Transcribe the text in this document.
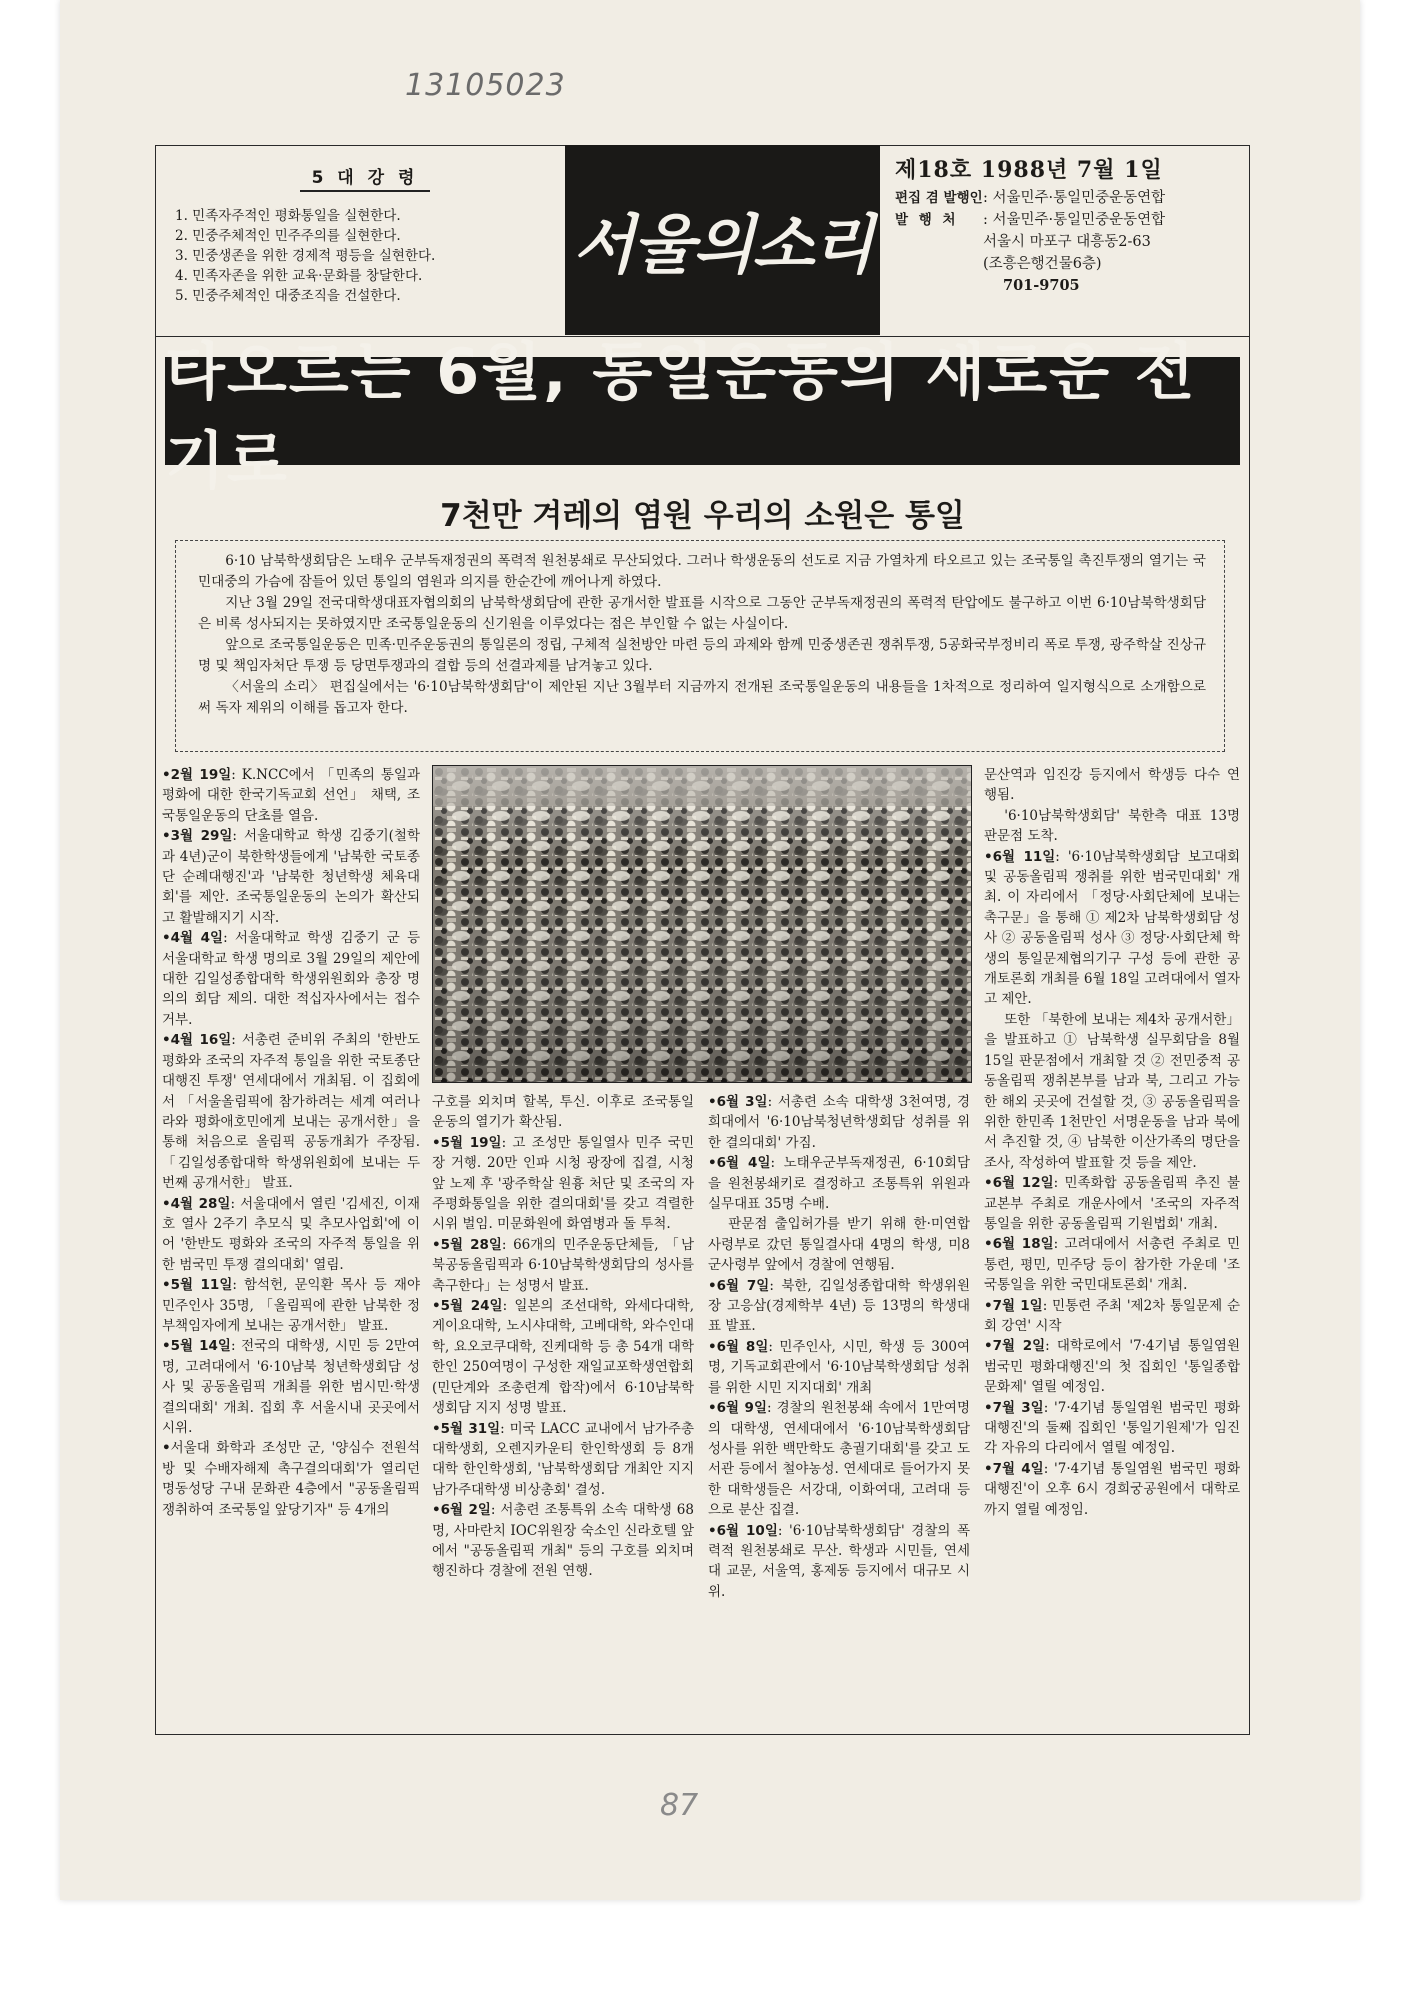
13105023
5 대 강 령
1. 민족자주적인 평화통일을 실현한다.
2. 민중주체적인 민주주의를 실현한다.
3. 민중생존을 위한 경제적 평등을 실현한다.
4. 민족자존을 위한 교육·문화를 창달한다.
5. 민중주체적인 대중조직을 건설한다.
서울의소리
제18호 1988년 7월 1일
편집 겸 발행인 : 서울민주·통일민중운동연합
발 행 처	: 서울민주·통일민중운동연합
서울시 마포구 대흥동2-63
(조흥은행건물6층)
701-9705
타오르는 6월, 통일운동의 새로운 전기로
7천만 겨레의 염원 우리의 소원은 통일

6·10 남북학생회담은 노태우 군부독재정권의 폭력적 원천봉쇄로 무산되었다. 그러나 학생운동의 선도로 지금 가열차게 타오르고 있는 조국통일 촉진투쟁의 열기는 국민대중의 가슴에 잠들어 있던 통일의 염원과 의지를 한순간에 깨어나게 하였다.

지난 3월 29일 전국대학생대표자협의회의 남북학생회담에 관한 공개서한 발표를 시작으로 그동안 군부독재정권의 폭력적 탄압에도 불구하고 이번 6·10남북학생회담은 비록 성사되지는 못하였지만 조국통일운동의 신기원을 이루었다는 점은 부인할 수 없는 사실이다.

앞으로 조국통일운동은 민족·민주운동권의 통일론의 정립, 구체적 실천방안 마련 등의 과제와 함께 민중생존권 쟁취투쟁, 5공화국부정비리 폭로 투쟁, 광주학살 진상규명 및 책임자처단 투쟁 등 당면투쟁과의 결합 등의 선결과제를 남겨놓고 있다.

〈서울의 소리〉 편집실에서는 '6·10남북학생회담'이 제안된 지난 3월부터 지금까지 전개된 조국통일운동의 내용들을 1차적으로 정리하여 일지형식으로 소개함으로써 독자 제위의 이해를 돕고자 한다.

•2월 19일: K.NCC에서 「민족의 통일과 평화에 대한 한국기독교회 선언」 채택, 조국통일운동의 단초를 열음.

•3월 29일: 서울대학교 학생 김중기(철학과 4년)군이 북한학생들에게 '남북한 국토종단 순례대행진'과 '남북한 청년학생 체육대회'를 제안. 조국통일운동의 논의가 확산되고 활발해지기 시작.

•4월 4일: 서울대학교 학생 김중기 군 등 서울대학교 학생 명의로 3월 29일의 제안에 대한 김일성종합대학 학생위원회와 총장 명의의 회담 제의. 대한 적십자사에서는 접수 거부.

•4월 16일: 서총련 준비위 주최의 '한반도 평화와 조국의 자주적 통일을 위한 국토종단 대행진 투쟁' 연세대에서 개최됨. 이 집회에서 「서울올림픽에 참가하려는 세계 여러나라와 평화애호민에게 보내는 공개서한」을 통해 처음으로 올림픽 공동개최가 주장됨. 「김일성종합대학 학생위원회에 보내는 두번째 공개서한」 발표.

•4월 28일: 서울대에서 열린 '김세진, 이재호 열사 2주기 추모식 및 추모사업회'에 이어 '한반도 평화와 조국의 자주적 통일을 위한 범국민 투쟁 결의대회' 열림.

•5월 11일: 함석헌, 문익환 목사 등 재야 민주인사 35명, 「올림픽에 관한 남북한 정부책임자에게 보내는 공개서한」 발표.

•5월 14일: 전국의 대학생, 시민 등 2만여 명, 고려대에서 '6·10남북 청년학생회담 성사 및 공동올림픽 개최를 위한 범시민·학생 결의대회' 개최. 집회 후 서울시내 곳곳에서 시위.

•서울대 화학과 조성만 군, '양심수 전원석방 및 수배자해제 촉구결의대회'가 열리던 명동성당 구내 문화관 4층에서 "공동올림픽 쟁취하여 조국통일 앞당기자" 등 4개의

구호를 외치며 할복, 투신. 이후로 조국통일운동의 열기가 확산됨.

•5월 19일: 고 조성만 통일열사 민주 국민장 거행. 20만 인파 시청 광장에 집결, 시청앞 노제 후 '광주학살 원흉 처단 및 조국의 자주평화통일을 위한 결의대회'를 갖고 격렬한 시위 벌임. 미문화원에 화염병과 돌 투척.

•5월 28일: 66개의 민주운동단체들, 「남북공동올림픽과 6·10남북학생회담의 성사를 촉구한다」는 성명서 발표.

•5월 24일: 일본의 조선대학, 와세다대학, 게이요대학, 노시샤대학, 고베대학, 와수인대학, 요오코쿠대학, 진케대학 등 총 54개 대학 한인 250여명이 구성한 재일교포학생연합회(민단계와 조총련계 합작)에서 6·10남북학생회담 지지 성명 발표.

•5월 31일: 미국 LACC 교내에서 남가주총대학생회, 오렌지카운티 한인학생회 등 8개 대학 한인학생회, '남북학생회담 개최안 지지 남가주대학생 비상총회' 결성.

•6월 2일: 서총련 조통특위 소속 대학생 68명, 사마란치 IOC위원장 숙소인 신라호텔 앞에서 "공동올림픽 개최" 등의 구호를 외치며 행진하다 경찰에 전원 연행.

•6월 3일: 서총련 소속 대학생 3천여명, 경희대에서 '6·10남북청년학생회담 성취를 위한 결의대회' 가짐.

•6월 4일: 노태우군부독재정권, 6·10회담을 원천봉쇄키로 결정하고 조통특위 위원과 실무대표 35명 수배.

판문점 출입허가를 받기 위해 한·미연합사령부로 갔던 통일결사대 4명의 학생, 미8군사령부 앞에서 경찰에 연행됨.

•6월 7일: 북한, 김일성종합대학 학생위원장 고응삼(경제학부 4년) 등 13명의 학생대표 발표.

•6월 8일: 민주인사, 시민, 학생 등 300여명, 기독교회관에서 '6·10남북학생회담 성취를 위한 시민 지지대회' 개최

•6월 9일: 경찰의 원천봉쇄 속에서 1만여명의 대학생, 연세대에서 '6·10남북학생회담 성사를 위한 백만학도 총궐기대회'를 갖고 도서관 등에서 철야농성. 연세대로 들어가지 못한 대학생들은 서강대, 이화여대, 고려대 등으로 분산 집결.

•6월 10일: '6·10남북학생회담' 경찰의 폭력적 원천봉쇄로 무산. 학생과 시민들, 연세대 교문, 서울역, 홍제동 등지에서 대규모 시위.

문산역과 임진강 등지에서 학생등 다수 연행됨.

'6·10남북학생회담' 북한측 대표 13명 판문점 도착.

•6월 11일: '6·10남북학생회담 보고대회 및 공동올림픽 쟁취를 위한 범국민대회' 개최. 이 자리에서 「정당·사회단체에 보내는 촉구문」을 통해 ① 제2차 남북학생회담 성사 ② 공동올림픽 성사 ③ 정당·사회단체 학생의 통일문제협의기구 구성 등에 관한 공개토론회 개최를 6월 18일 고려대에서 열자고 제안.

또한 「북한에 보내는 제4차 공개서한」을 발표하고 ① 남북학생 실무회담을 8월 15일 판문점에서 개최할 것 ② 전민중적 공동올림픽 쟁취본부를 남과 북, 그리고 가능한 해외 곳곳에 건설할 것, ③ 공동올림픽을 위한 한민족 1천만인 서명운동을 남과 북에서 추진할 것, ④ 남북한 이산가족의 명단을 조사, 작성하여 발표할 것 등을 제안.

•6월 12일: 민족화합 공동올림픽 추진 불교본부 주최로 개운사에서 '조국의 자주적 통일을 위한 공동올림픽 기원법회' 개최.

•6월 18일: 고려대에서 서총련 주최로 민통련, 평민, 민주당 등이 참가한 가운데 '조국통일을 위한 국민대토론회' 개최.

•7월 1일: 민통련 주최 '제2차 통일문제 순회 강연' 시작

•7월 2일: 대학로에서 '7·4기념 통일염원 범국민 평화대행진'의 첫 집회인 '통일종합문화제' 열릴 예정임.

•7월 3일: '7·4기념 통일염원 범국민 평화대행진'의 둘째 집회인 '통일기원제'가 임진각 자유의 다리에서 열릴 예정임.

•7월 4일: '7·4기념 통일염원 범국민 평화대행진'이 오후 6시 경희궁공원에서 대학로까지 열릴 예정임.

87
